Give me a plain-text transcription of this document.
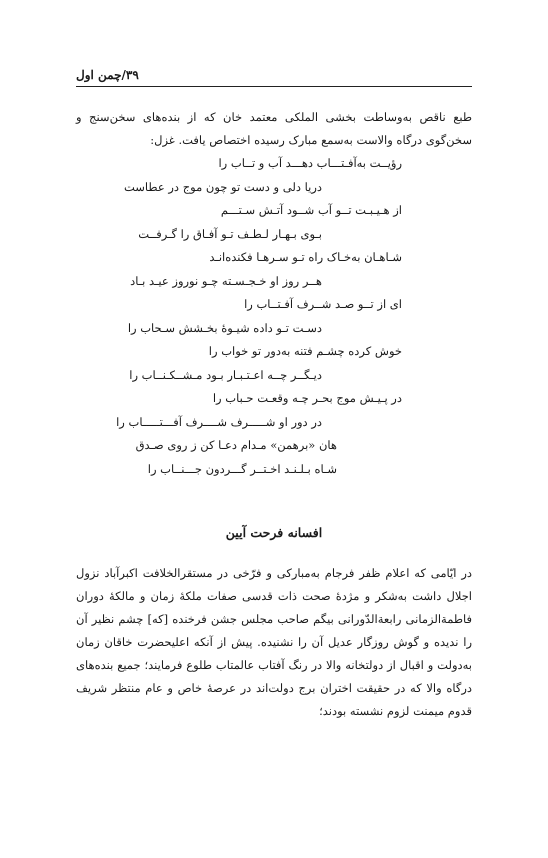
۳۹/چمن اول
طبع ناقص به‌وساطت بخشی الملکی معتمد خان که از بنده‌های سخن‌سنج و سخن‌گوی درگاه والاست به‌سمع مبارک رسیده اختصاص یافت. غزل:
رؤیــت به‌آفـتـــاب دهـــد آب و تــاب را
دریا دلی و دست تو چون موج در عطاست
از هـیـبـت تــو آب شــود آتـش سـتـــم
بـوی بـهـار لـطـف تـو آفـاق را گـرفــت
شـاهـان به‌خـاک راه تـو سـرهـا فکنده‌انـد
هــر روز او خـجـسـته چـو نوروز عیـد بـاد
ای از تــو صـد شــرف آفـتــاب را
دسـت تـو داده شیـوۀ بخـشش سـحاب را
خوش کرده چشـم فتنه به‌دور تو خواب را
دیـگــر چــه اعـتـبـار بـود مـشــکـنــاب را
در پـیـش موج بحـر چـه وقعـت حـباب را
در دور او شـــــرف شــــرف آفـــتـــــاب را
هان «برهمن» مـدام دعـا کن ز روی صـدق
شـاه بـلـنـد اخـتــر گـــردون جـــنــاب را
افسانه فرحت آیین
در ایّامی که اعلام ظفر فرجام به‌مبارکی و فرّخی در مستقرالخلافت اکبرآباد نزول اجلال داشت به‌شکر و مژدۀ صحت ذات قدسی صفات ملکۀ زمان و مالکۀ دوران فاطمةالزمانی رابعةالدّورانی بیگم صاحب مجلس جشن فرخنده [که] چشم نظیر آن را ندیده و گوش روزگار عدیل آن را نشنیده. پیش از آنکه اعلیحضرت خاقان زمان به‌دولت و اقبال از دولتخانه والا در رنگ آفتاب عالمتاب طلوع فرمایند؛ جمیع بنده‌های درگاه والا که در حقیقت اختران برج دولت‌اند در عرصۀ خاص و عام منتظر شریف قدوم میمنت لزوم نشسته بودند؛
